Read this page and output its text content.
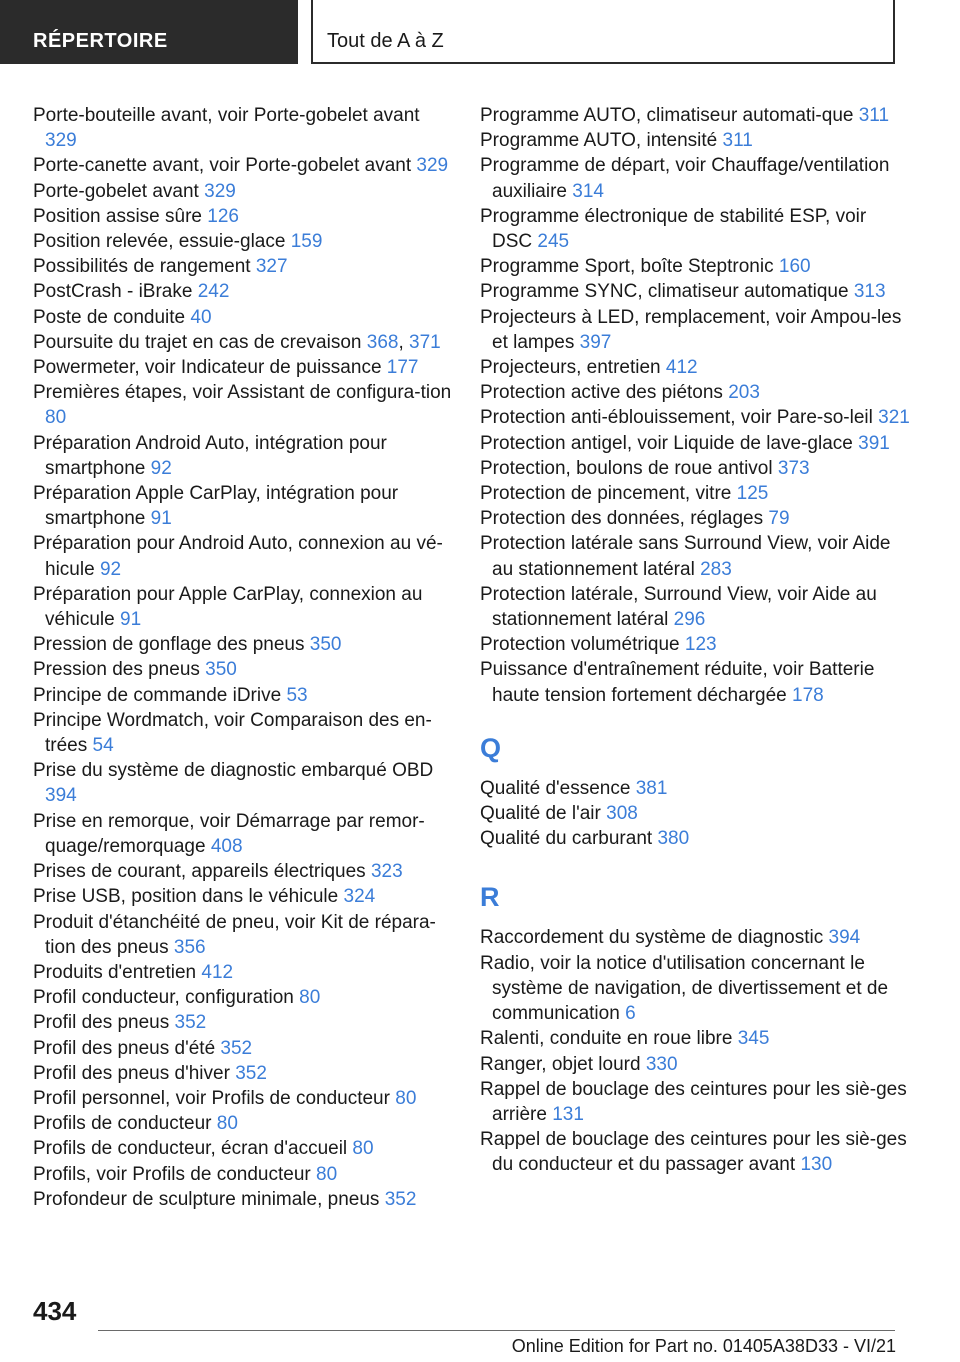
RÉPERTOIRE	Tout de A à Z
Porte-bouteille avant, voir Porte-gobelet avant 329
Porte-canette avant, voir Porte-gobelet avant 329
Porte-gobelet avant 329
Position assise sûre 126
Position relevée, essuie-glace 159
Possibilités de rangement 327
PostCrash - iBrake 242
Poste de conduite 40
Poursuite du trajet en cas de crevaison 368, 371
Powermeter, voir Indicateur de puissance 177
Premières étapes, voir Assistant de configura-tion 80
Préparation Android Auto, intégration pour smartphone 92
Préparation Apple CarPlay, intégration pour smartphone 91
Préparation pour Android Auto, connexion au vé-hicule 92
Préparation pour Apple CarPlay, connexion au véhicule 91
Pression de gonflage des pneus 350
Pression des pneus 350
Principe de commande iDrive 53
Principe Wordmatch, voir Comparaison des en-trées 54
Prise du système de diagnostic embarqué OBD 394
Prise en remorque, voir Démarrage par remor-quage/remorquage 408
Prises de courant, appareils électriques 323
Prise USB, position dans le véhicule 324
Produit d'étanchéité de pneu, voir Kit de répara-tion des pneus 356
Produits d'entretien 412
Profil conducteur, configuration 80
Profil des pneus 352
Profil des pneus d'été 352
Profil des pneus d'hiver 352
Profil personnel, voir Profils de conducteur 80
Profils de conducteur 80
Profils de conducteur, écran d'accueil 80
Profils, voir Profils de conducteur 80
Profondeur de sculpture minimale, pneus 352
Programme AUTO, climatiseur automati-que 311
Programme AUTO, intensité 311
Programme de départ, voir Chauffage/ventilation auxiliaire 314
Programme électronique de stabilité ESP, voir DSC 245
Programme Sport, boîte Steptronic 160
Programme SYNC, climatiseur automatique 313
Projecteurs à LED, remplacement, voir Ampou-les et lampes 397
Projecteurs, entretien 412
Protection active des piétons 203
Protection anti-éblouissement, voir Pare-so-leil 321
Protection antigel, voir Liquide de lave-glace 391
Protection, boulons de roue antivol 373
Protection de pincement, vitre 125
Protection des données, réglages 79
Protection latérale sans Surround View, voir Aide au stationnement latéral 283
Protection latérale, Surround View, voir Aide au stationnement latéral 296
Protection volumétrique 123
Puissance d'entraînement réduite, voir Batterie haute tension fortement déchargée 178
Q
Qualité d'essence 381
Qualité de l'air 308
Qualité du carburant 380
R
Raccordement du système de diagnostic 394
Radio, voir la notice d'utilisation concernant le système de navigation, de divertissement et de communication 6
Ralenti, conduite en roue libre 345
Ranger, objet lourd 330
Rappel de bouclage des ceintures pour les siè-ges arrière 131
Rappel de bouclage des ceintures pour les siè-ges du conducteur et du passager avant 130
434
Online Edition for Part no. 01405A38D33 - VI/21
